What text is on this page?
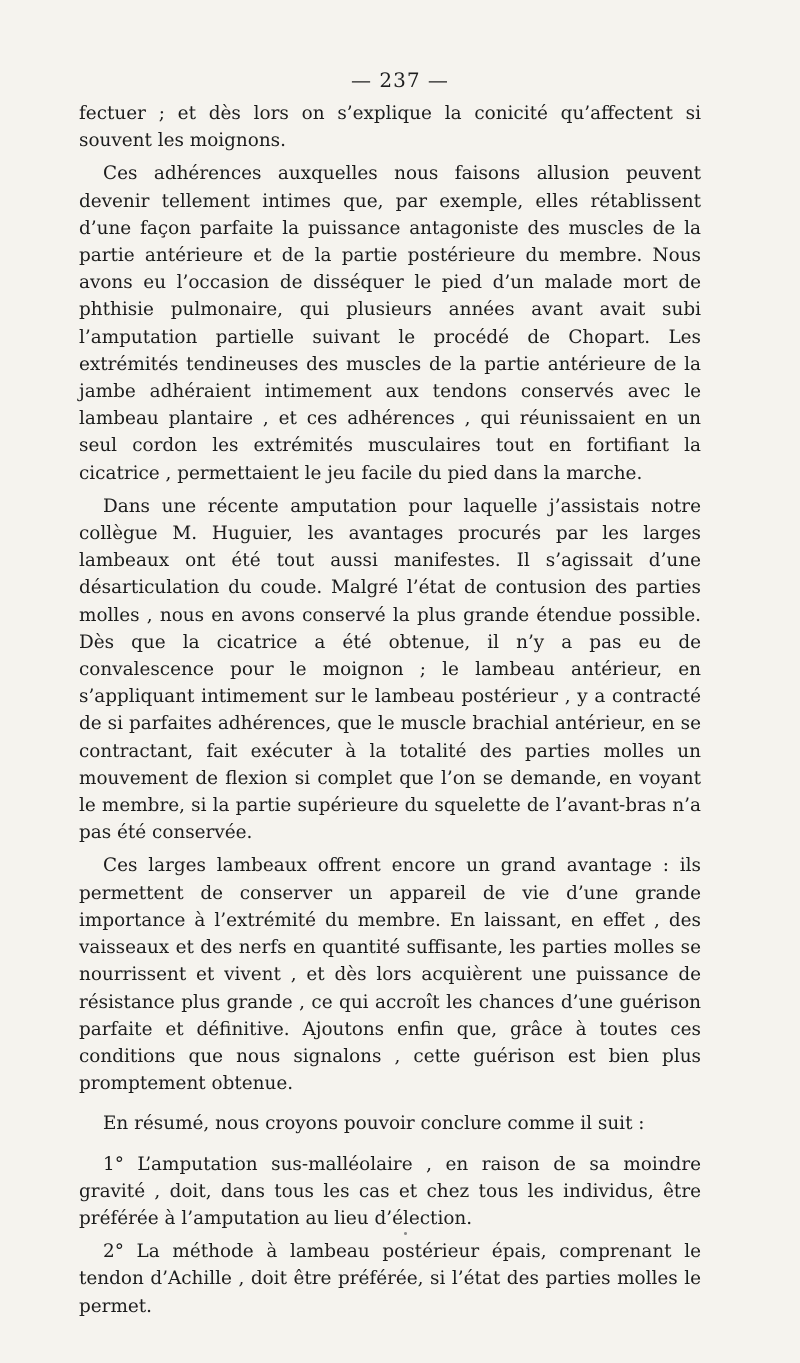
— 237 —

fectuer ; et dès lors on s’explique la conicité qu’affectent si souvent les moignons.

Ces adhérences auxquelles nous faisons allusion peuvent devenir tellement intimes que, par exemple, elles rétablissent d’une façon parfaite la puissance antagoniste des muscles de la partie antérieure et de la partie postérieure du membre. Nous avons eu l’occasion de disséquer le pied d’un malade mort de phthisie pulmonaire, qui plusieurs années avant avait subi l’amputation partielle suivant le procédé de Chopart. Les extrémités tendineuses des muscles de la partie antérieure de la jambe adhéraient intimement aux tendons conservés avec le lambeau plantaire , et ces adhérences , qui réunissaient en un seul cordon les extrémités musculaires tout en fortifiant la cicatrice , permettaient le jeu facile du pied dans la marche.

Dans une récente amputation pour laquelle j’assistais notre collègue M. Huguier, les avantages procurés par les larges lambeaux ont été tout aussi manifestes. Il s’agissait d’une désarticulation du coude. Malgré l’état de contusion des parties molles , nous en avons conservé la plus grande étendue possible. Dès que la cicatrice a été obtenue, il n’y a pas eu de convalescence pour le moignon ; le lambeau antérieur, en s’appliquant intimement sur le lambeau postérieur , y a contracté de si parfaites adhérences, que le muscle brachial antérieur, en se contractant, fait exécuter à la totalité des parties molles un mouvement de flexion si complet que l’on se demande, en voyant le membre, si la partie supérieure du squelette de l’avant-bras n’a pas été conservée.

Ces larges lambeaux offrent encore un grand avantage : ils permettent de conserver un appareil de vie d’une grande importance à l’extrémité du membre. En laissant, en effet , des vaisseaux et des nerfs en quantité suffisante, les parties molles se nourrissent et vivent , et dès lors acquièrent une puissance de résistance plus grande , ce qui accroît les chances d’une guérison parfaite et définitive. Ajoutons enfin que, grâce à toutes ces conditions que nous signalons , cette guérison est bien plus promptement obtenue.

En résumé, nous croyons pouvoir conclure comme il suit :

1° L’amputation sus-malléolaire , en raison de sa moindre gravité , doit, dans tous les cas et chez tous les individus, être préférée à l’amputation au lieu d’élection.

2° La méthode à lambeau postérieur épais, comprenant le tendon d’Achille , doit être préférée, si l’état des parties molles le permet.
